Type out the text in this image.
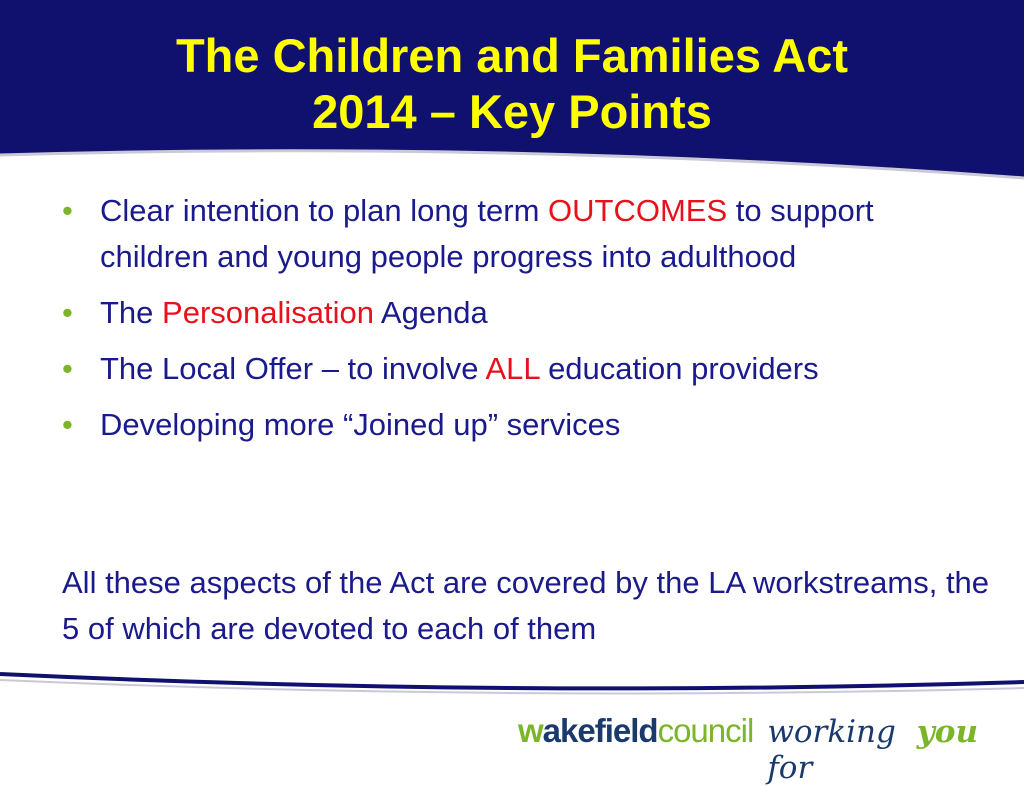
The Children and Families Act
2014 – Key Points
• Clear intention to plan long term OUTCOMES to support children and young people progress into adulthood
• The Personalisation Agenda
• The Local Offer – to involve ALL education providers
• Developing more “Joined up” services

All these aspects of the Act are covered by the LA workstreams, the 5 of which are devoted to each of them

wakefield council working for
you
